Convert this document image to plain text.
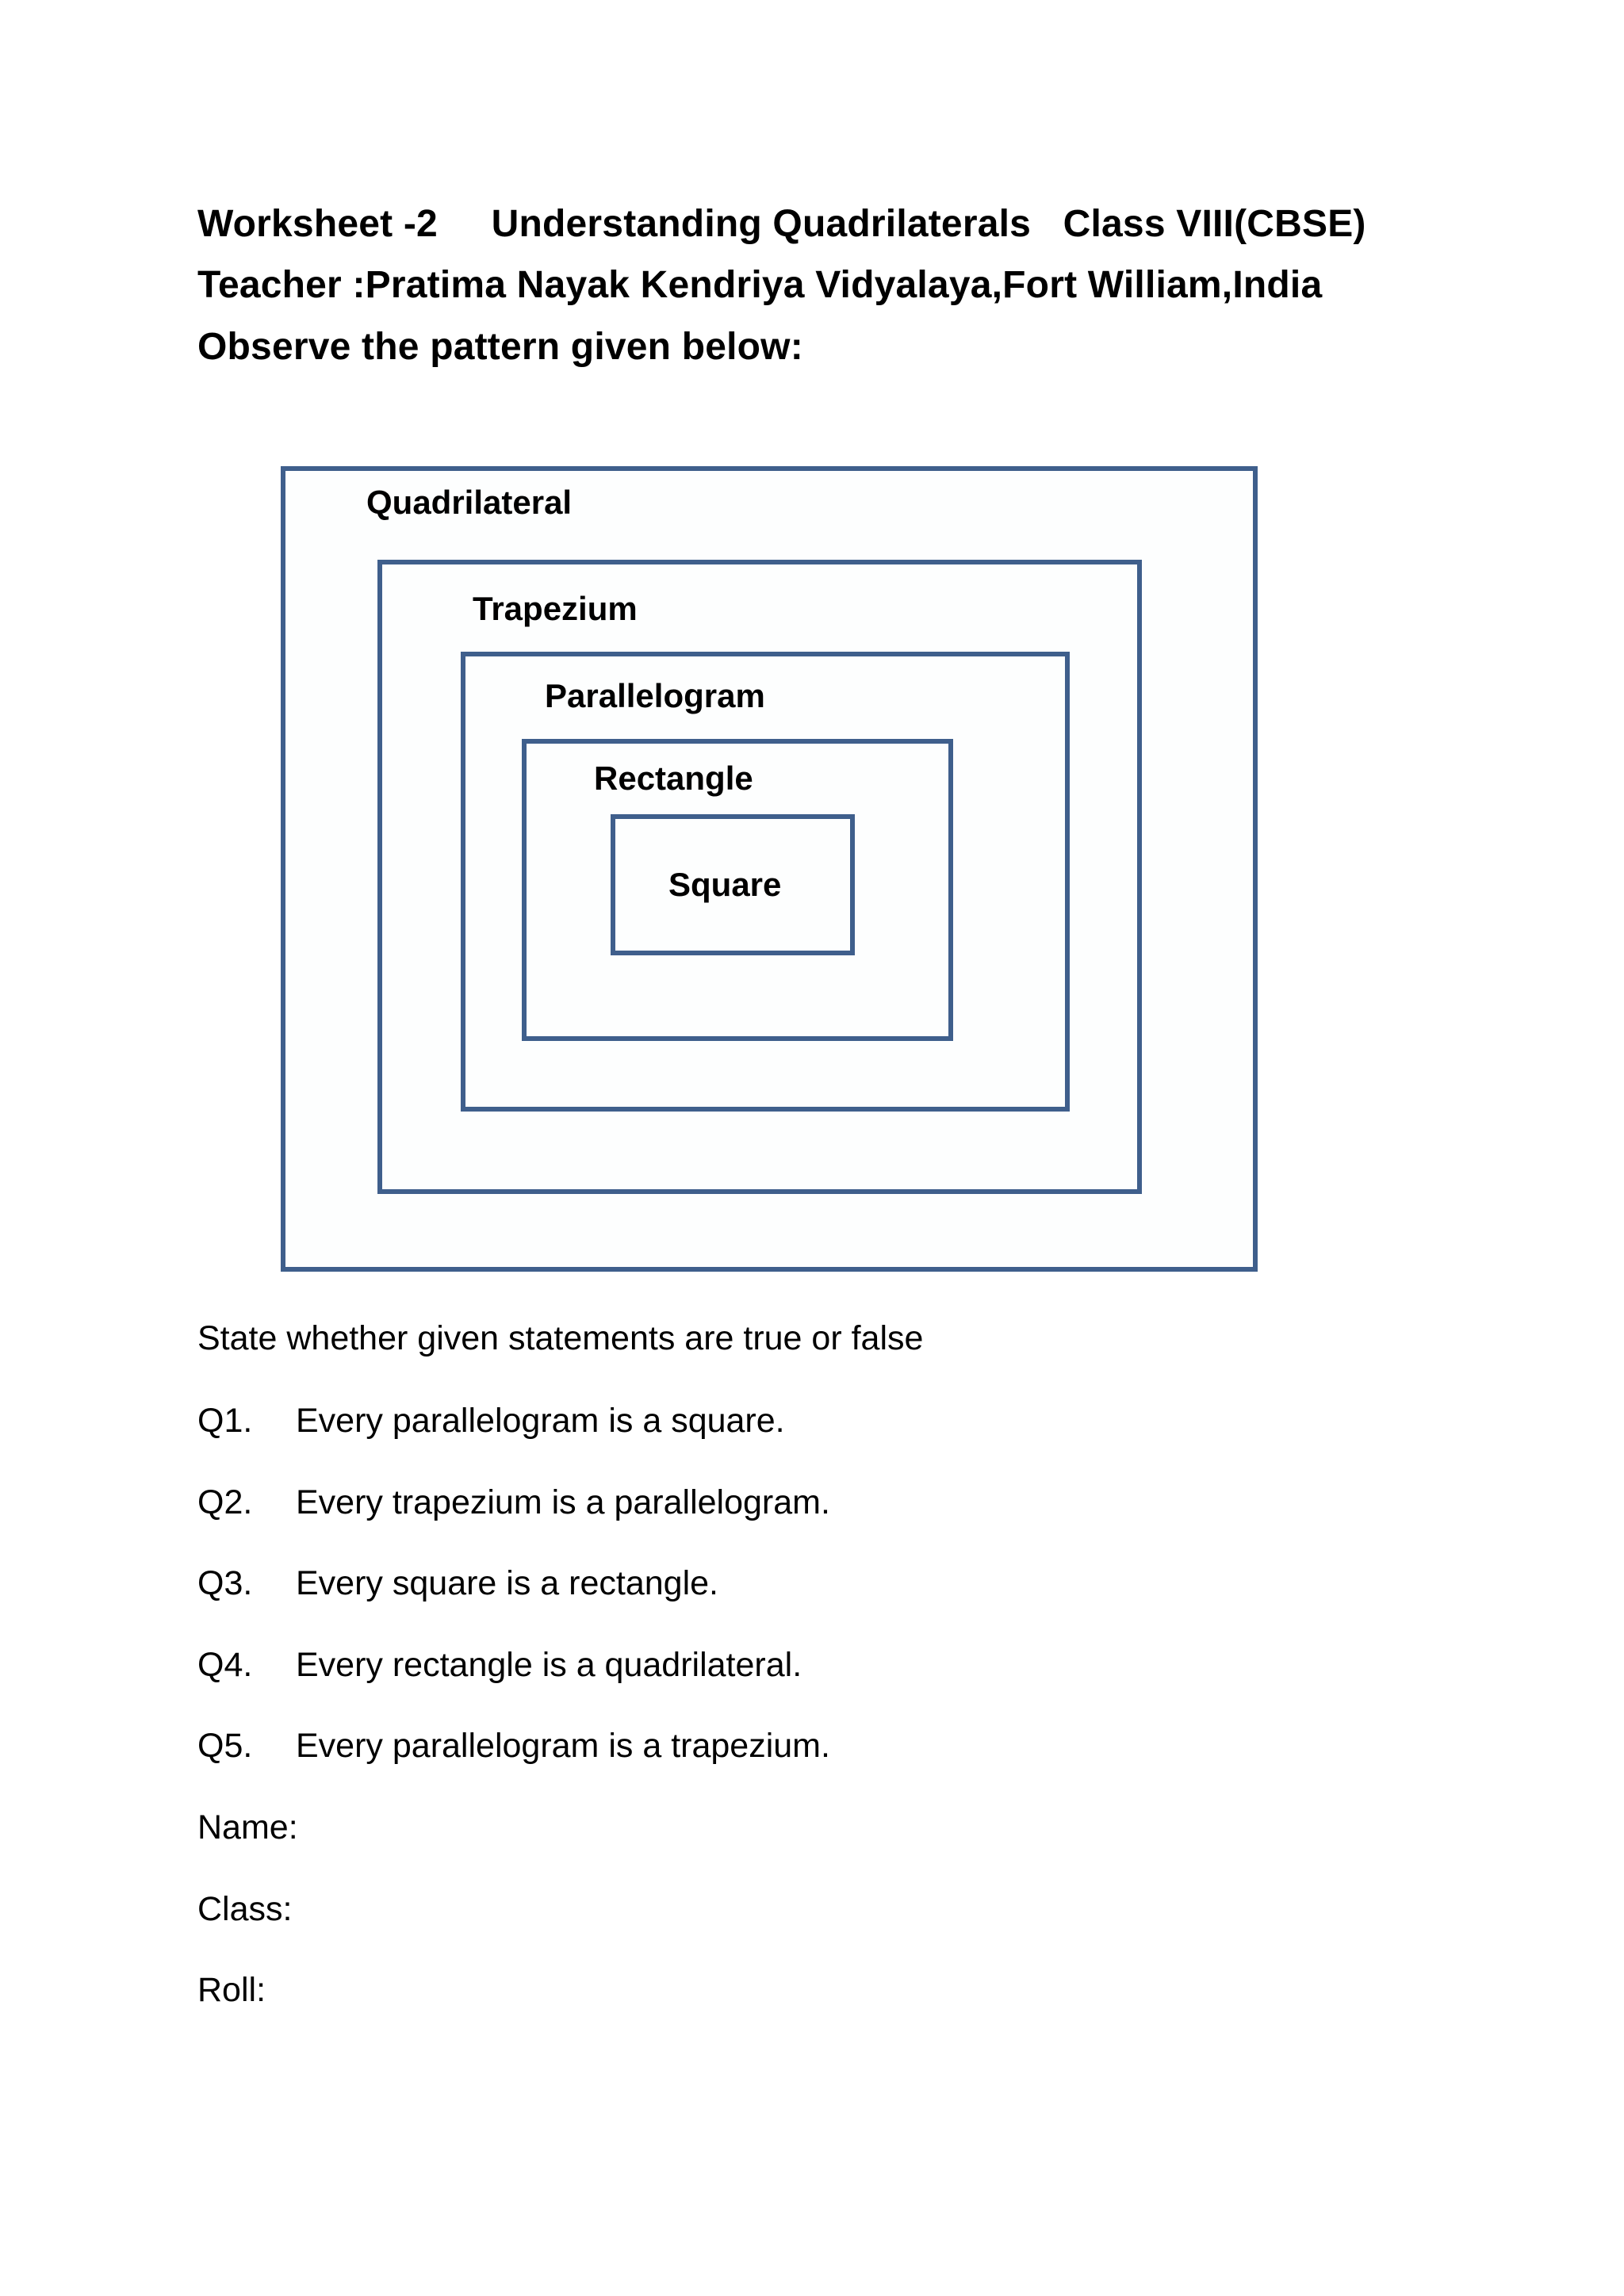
Worksheet -2     Understanding Quadrilaterals   Class VIII(CBSE)
Teacher :Pratima Nayak Kendriya Vidyalaya,Fort William,India
Observe the pattern given below:
Quadrilateral
Trapezium
Parallelogram
Rectangle
Square
State whether given statements are true or false
Q1. Every parallelogram is a square.
Q2. Every trapezium is a parallelogram.
Q3. Every square is a rectangle.
Q4. Every rectangle is a quadrilateral.
Q5. Every parallelogram is a trapezium.
Name:
Class:
Roll:
